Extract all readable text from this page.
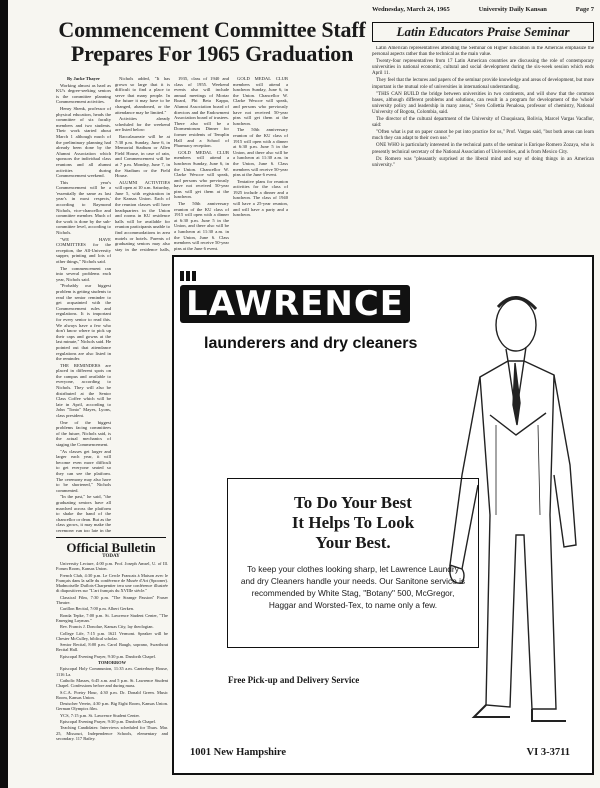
Wednesday, March 24, 1965	University Daily Kansan	Page 7
Commencement Committee Staff Prepares For 1965 Graduation

By Jacke Thayer

Working almost as hard as KU's degree-seeking seniors is the committee planning Commencement activities.

Henry Shenk, professor of physical education, heads the committee of six faculty members and two students. Their work started about March 1 although much of the preliminary planning had already been done by the Alumni Association which sponsors the individual class reunions and all alumni activities during Commencement weekend.

This year's Commencement will be a 'essentially the same as last year's in most respects,' according to Raymond Nichols, vice-chancellor and committee member. Much of the work is done by the sub-committee level, according to Nichols.

"WE HAVE COMMITTEES for the reception, the All-University supper, printing and lots of other things," Nichols said.

The commencement ran into several problems each year, Nichols said.

"Probably our biggest problem is getting students to read the senior reminder to get acquainted with the Commencement rules and regulations. It is important for every senior to read this. We always have a few who don't know where to pick up their caps and gowns at the last minute," Nichols said. He pointed out that attendance regulations are also listed in the reminder.

THE REMINDERS are placed in different spots on the campus and available to everyone, according to Nichols. They will also be distributed at the Senior Class Coffee which will be late in April, according to John "Tonto" Mayes, Lyons, class president.

One of the biggest problems facing committees of the future, Nichols said, is the actual mechanics of staging the Commencement.

"As classes get larger and larger each year, it will become even more difficult to get everyone seated so they can see the platform. The ceremony may also have to be shortened," Nichols commented.

"In the past," he said, "the graduating seniors have all marched across the platform to shake the hand of the chancellor or dean. But as the class grows, it may make the ceremony run too late in the

Nichols added, "It has grown so large that it is difficult to find a place to serve that many people. In the future it may have to be changed, abandoned, or the attendance may be limited."

Activities already scheduled for the weekend are listed below:

Baccalaureate will be at 7:30 p.m. Sunday, June 6, in Memorial Stadium or Allen Field House, in case of rain, and Commencement will be at 7 p.m. Monday, June 7, in the Stadium or the Field House.

ALUMNI ACTIVITIES will open at 10 a.m. Saturday, June 5, with registration in the Kansas Union. Each of the reunion classes will have headquarters in the Union and rooms in KU residence halls will be available for reunion participants unable to find accommodations in area motels or hotels. Parents of graduating seniors may also stay in the residence halls,

1935, class of 1940 and class of 1955. Weekend events also will include annual meetings of Mortar Board, Phi Beta Kappa, Alumni Association board of directors and the Endowment Association board of trustees. There also will be a Dormentorum Dinner for former residents of Templin Hall and a School of Pharmacy reception.

GOLD MEDAL CLUB members will attend a luncheon Sunday, June 6, in the Union. Chancellor W. Clarke Wescoe will speak, and persons who previously have not received 50-year pins will get them at the luncheon.

The 50th anniversary reunion of the KU class of 1915 will open with a dinner at 6:30 p.m. June 5 in the Union, and there also will be a luncheon at 11:30 a.m. in the Union, June 6. Class members will receive 50-year pins at the June 6 event.

GOLD MEDAL CLUB members will attend a luncheon Sunday, June 6, in the Union. Chancellor W. Clarke Wescoe will speak, and persons who previously have not received 50-year pins will get them at the luncheon.

The 50th anniversary reunion of the KU class of 1915 will open with a dinner at 6:30 p.m. June 5 in the Union, and there also will be a luncheon at 11:30 a.m. in the Union, June 6. Class members will receive 50-year pins at the June 6 event.

Tentative plans for reunion activities for the class of 1925 include a dinner and a luncheon. The class of 1940 will have a 25-year reunion, and will have a party and a luncheon.

Latin Educators Praise Seminar

Latin American representatives attending the Seminar on Higher Education in the Americas emphasize the personal aspects rather than the technical as the main value.

Twenty-four representatives from 17 Latin American countries are discussing the role of contemporary universities in national economic, cultural and social development during the six-week session which ends April 11.

They feel that the lectures and papers of the seminar provide knowledge and areas of development, but more important is the mutual role of universities in international understanding.

"THIS CAN BUILD the bridge between universities in two continents, and will show that the common bases, although different problems and solutions, can result in a program for development of the 'whole' university policy and leadership in many areas," Sven Collettia Penalosa, professor of chemistry, National University of Bogota, Colombia, said.

The director of the cultural department of the University of Chuquisaca, Bolivia, Marcel Vargas Vacaflor, said:

"Often what is put on paper cannot be put into practice for us," Prof. Vargas said, "but both areas can learn much they can adapt to their own use."

ONE WHO is particularly interested in the technical parts of the seminar is Enrique Romero Zozaya, who is presently technical secretary of the National Association of Universities, and is from Mexico City.

Dr. Romero was "pleasantly surprised at the liberal mind and way of doing things in an American university."

Official Bulletin
TODAY

University Lecture, 4:00 p.m. Prof. Joseph Amsel, U. of Ill. Forum Room, Kansas Union.

French Club, 4:30 p.m. Le Cercle Francais à Maison avec le Français dans la salle du conférence de Musée d'Art (Spooner). Madmoiselle Duflots-Charpentier tera une conférence illustrée di diapositives sur "L'art français du XVIIIe siècle."

Classical Film, 7:30 p.m. "The Strange Passion" Fraser Theatre.

Carillon Recital, 7:00 p.m. Albert Gerken.

Ronda Tepke, 7:00 p.m. St. Lawrence Student Center, "The Emerging Layman."

Rev. Francis J. Donolue, Kansas City, lay theologian.

College Life, 7:15 p.m. 1621 Vermont. Speaker will be Chester McCulley, biblical scholar.

Senior Recital, 8:00 p.m. Carol Baugh, soprano, Swarthout Recital Hall.

Episcopal Evening Prayer, 9:30 p.m. Danforth Chapel.

TOMORROW

Episcopal Holy Communion, 11:35 a.m. Canterbury House, 1116 La.

Catholic Masses, 6:45 a.m. and 5 p.m. St. Lawrence Student Chapel. Confessions before and during mass.

S.C.A. Poetry Hour, 4:30 p.m. Dr. Donald Green. Music Room, Kansas Union.

Deutscher Verein, 4:30 p.m. Big Eight Room, Kansas Union. German Olympics film.

YCS, 7:15 p.m. St. Lawrence Student Center.

Episcopal Evening Prayer, 9:30 p.m. Danforth Chapel.

Teaching Candidates: Interviews scheduled for Thurs. Mar. 25, Missouri, Independence Schools, elementary and secondary. 117 Bailey.

LAWRENCE
launderers and dry cleaners
To Do Your Best
It Helps To Look
Your Best.
To keep your clothes looking sharp, let Lawrence Laundry and dry Cleaners handle your needs. Our Sanitone service is recommended by White Stag, "Botany" 500, McGregor, Haggar and Worsted-Tex, to name only a few.
Free Pick-up and Delivery Service
1001 New Hampshire	VI 3-3711
